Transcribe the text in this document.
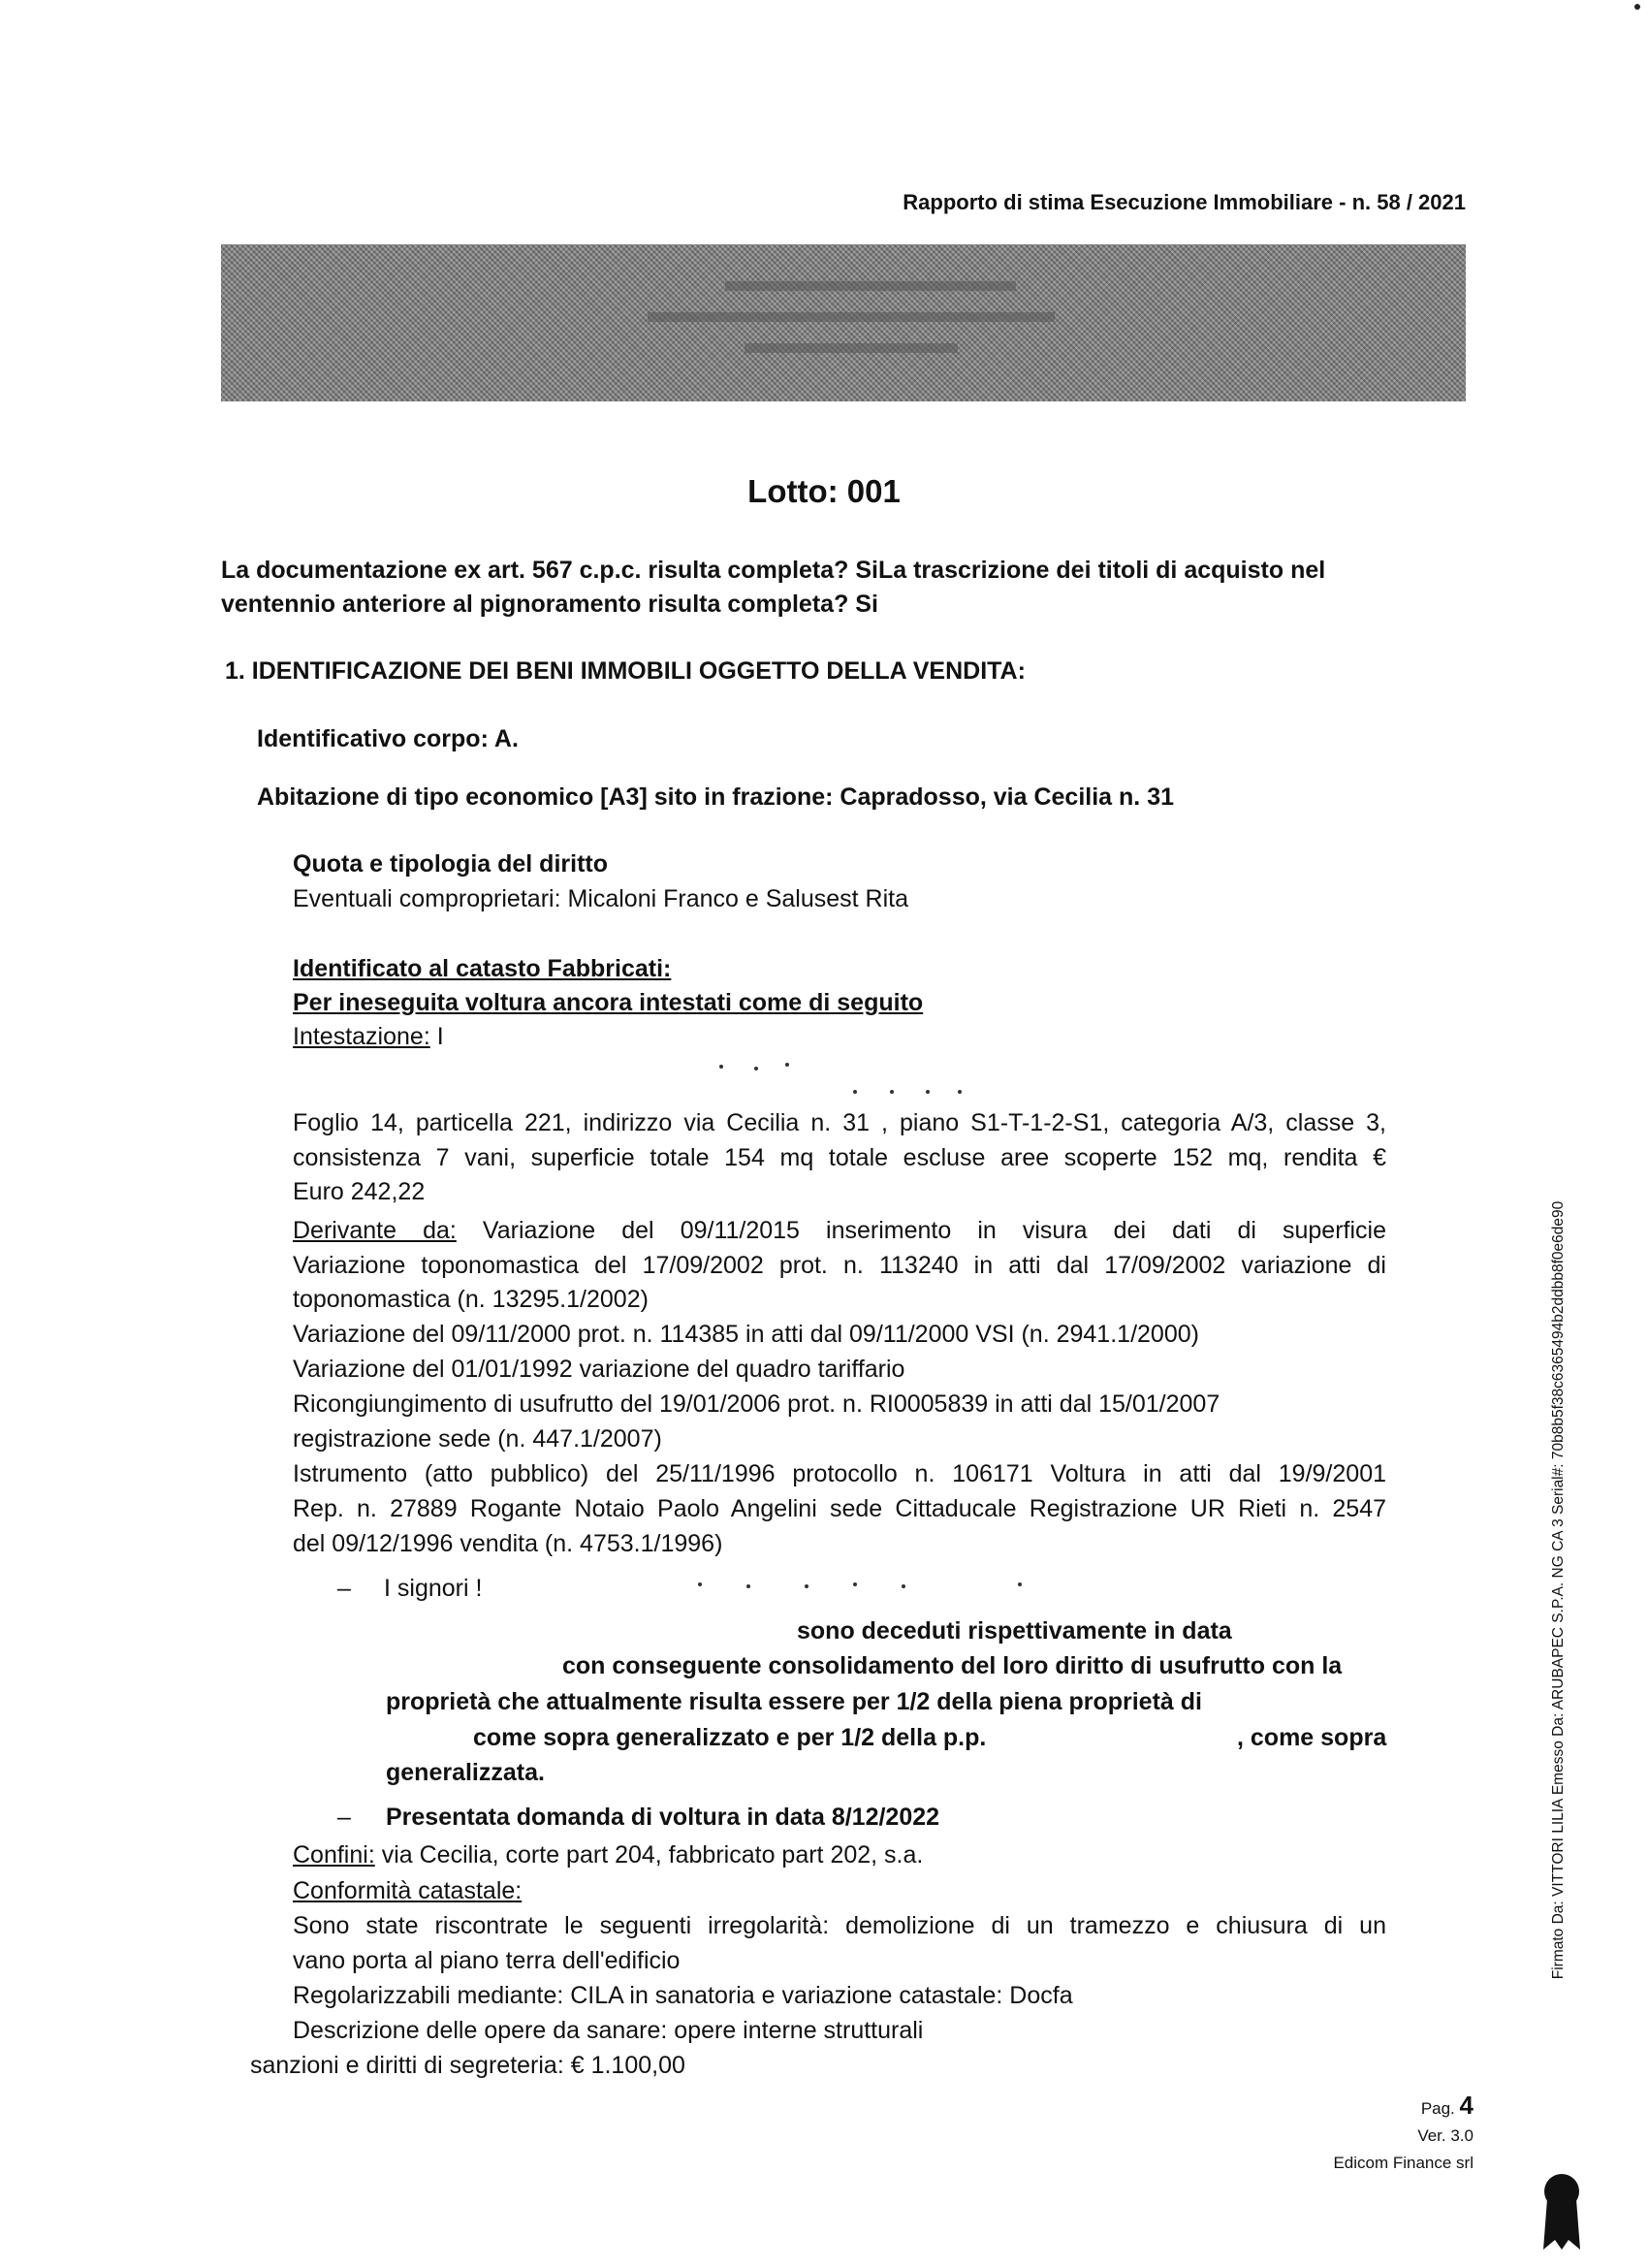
Rapporto di stima Esecuzione Immobiliare - n. 58 / 2021
Lotto: 001
La documentazione ex art. 567 c.p.c. risulta completa? SiLa trascrizione dei titoli di acquisto nel
ventennio anteriore al pignoramento risulta completa? Si
1. IDENTIFICAZIONE DEI BENI IMMOBILI OGGETTO DELLA VENDITA:
Identificativo corpo: A.
Abitazione di tipo economico [A3] sito in frazione: Capradosso, via Cecilia n. 31
Quota e tipologia del diritto
Eventuali comproprietari: Micaloni Franco e Salusest Rita
Identificato al catasto Fabbricati:
Per ineseguita voltura ancora intestati come di seguito
Intestazione: I
Foglio 14, particella 221, indirizzo via Cecilia n. 31 , piano S1-T-1-2-S1, categoria A/3, classe 3,
consistenza 7 vani, superficie totale 154 mq totale escluse aree scoperte 152 mq, rendita €
Euro 242,22
Derivante da: Variazione del 09/11/2015 inserimento in visura dei dati di superficie
Variazione toponomastica del 17/09/2002 prot. n. 113240 in atti dal 17/09/2002 variazione di
toponomastica (n. 13295.1/2002)
Variazione del 09/11/2000 prot. n. 114385 in atti dal 09/11/2000 VSI (n. 2941.1/2000)
Variazione del 01/01/1992 variazione del quadro tariffario
Ricongiungimento di usufrutto del 19/01/2006 prot. n. RI0005839 in atti dal 15/01/2007
registrazione sede (n. 447.1/2007)
Istrumento (atto pubblico) del 25/11/1996 protocollo n. 106171 Voltura in atti dal 19/9/2001
Rep. n. 27889 Rogante Notaio Paolo Angelini sede Cittaducale Registrazione UR Rieti n. 2547
del 09/12/1996 vendita (n. 4753.1/1996)
– I signori !
sono deceduti rispettivamente in data
con conseguente consolidamento del loro diritto di usufrutto con la
proprietà che attualmente risulta essere per 1/2 della piena proprietà di
come sopra generalizzato e per 1/2 della p.p.	, come sopra
generalizzata.
– Presentata domanda di voltura in data 8/12/2022
Confini: via Cecilia, corte part 204, fabbricato part 202, s.a.
Conformità catastale:
Sono state riscontrate le seguenti irregolarità: demolizione di un tramezzo e chiusura di un
vano porta al piano terra dell'edificio
Regolarizzabili mediante: CILA in sanatoria e variazione catastale: Docfa
Descrizione delle opere da sanare: opere interne strutturali
sanzioni e diritti di segreteria: € 1.100,00
Pag. 4
Ver. 3.0
Edicom Finance srl
Firmato Da: VITTORI LILIA Emesso Da: ARUBAPEC S.P.A. NG CA 3 Serial#: 70b8b5f38c6365494b2ddbb8f0e6de90
